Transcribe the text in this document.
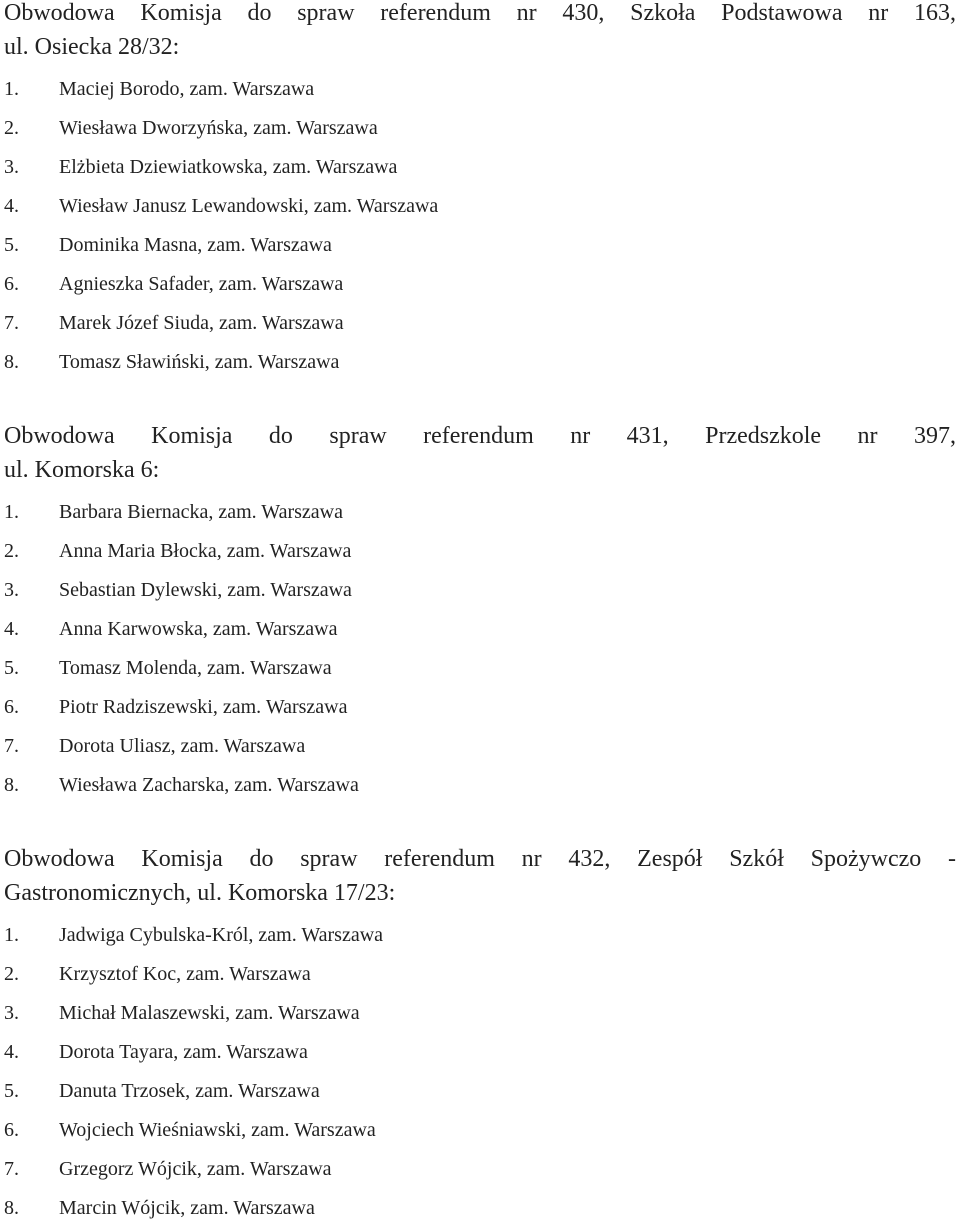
Obwodowa Komisja do spraw referendum nr 430, Szkoła Podstawowa nr 163,
ul. Osiecka 28/32:

1. Maciej Borodo, zam. Warszawa
2. Wiesława Dworzyńska, zam. Warszawa
3. Elżbieta Dziewiatkowska, zam. Warszawa
4. Wiesław Janusz Lewandowski, zam. Warszawa
5. Dominika Masna, zam. Warszawa
6. Agnieszka Safader, zam. Warszawa
7. Marek Józef Siuda, zam. Warszawa
8. Tomasz Sławiński, zam. Warszawa

Obwodowa Komisja do spraw referendum nr 431, Przedszkole nr 397,
ul. Komorska 6:

1. Barbara Biernacka, zam. Warszawa
2. Anna Maria Błocka, zam. Warszawa
3. Sebastian Dylewski, zam. Warszawa
4. Anna Karwowska, zam. Warszawa
5. Tomasz Molenda, zam. Warszawa
6. Piotr Radziszewski, zam. Warszawa
7. Dorota Uliasz, zam. Warszawa
8. Wiesława Zacharska, zam. Warszawa

Obwodowa Komisja do spraw referendum nr 432, Zespół Szkół Spożywczo -
Gastronomicznych, ul. Komorska 17/23:

1. Jadwiga Cybulska-Król, zam. Warszawa
2. Krzysztof Koc, zam. Warszawa
3. Michał Malaszewski, zam. Warszawa
4. Dorota Tayara, zam. Warszawa
5. Danuta Trzosek, zam. Warszawa
6. Wojciech Wieśniawski, zam. Warszawa
7. Grzegorz Wójcik, zam. Warszawa
8. Marcin Wójcik, zam. Warszawa
